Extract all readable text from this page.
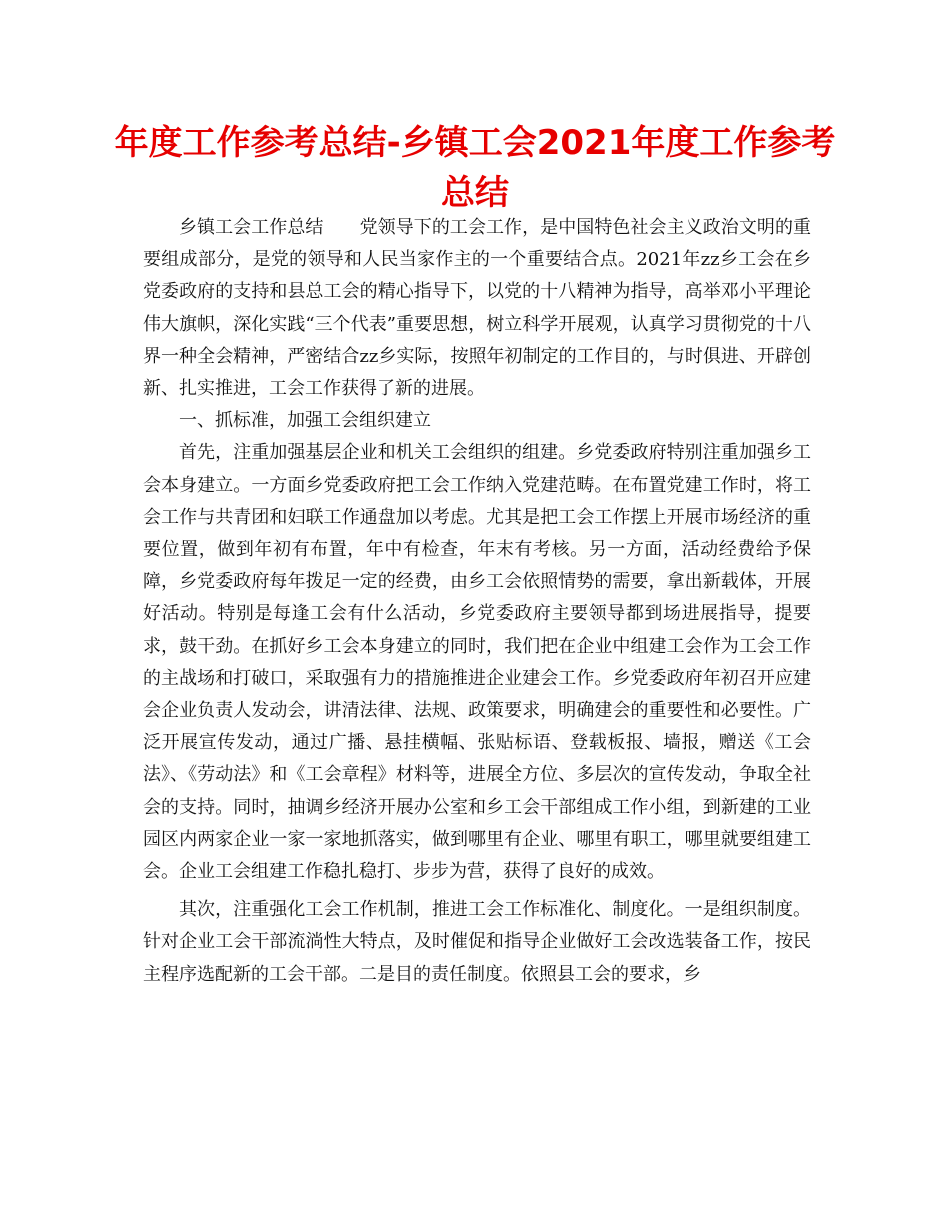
年度工作参考总结-乡镇工会2021年度工作参考总结

乡镇工会工作总结　　党领导下的工会工作，是中国特色社会主义政治文明的重要组成部分，是党的领导和人民当家作主的一个重要结合点。2021年zz乡工会在乡党委政府的支持和县总工会的精心指导下，以党的十八精神为指导，高举邓小平理论伟大旗帜，深化实践“三个代表”重要思想，树立科学开展观，认真学习贯彻党的十八界一种全会精神，严密结合zz乡实际，按照年初制定的工作目的，与时俱进、开辟创新、扎实推进，工会工作获得了新的进展。

一、抓标准，加强工会组织建立

首先，注重加强基层企业和机关工会组织的组建。乡党委政府特别注重加强乡工会本身建立。一方面乡党委政府把工会工作纳入党建范畴。在布置党建工作时，将工会工作与共青团和妇联工作通盘加以考虑。尤其是把工会工作摆上开展市场经济的重要位置，做到年初有布置，年中有检查，年末有考核。另一方面，活动经费给予保障，乡党委政府每年拨足一定的经费，由乡工会依照情势的需要，拿出新载体，开展好活动。特别是每逢工会有什么活动，乡党委政府主要领导都到场进展指导，提要求，鼓干劲。在抓好乡工会本身建立的同时，我们把在企业中组建工会作为工会工作的主战场和打破口，采取强有力的措施推进企业建会工作。乡党委政府年初召开应建会企业负责人发动会，讲清法律、法规、政策要求，明确建会的重要性和必要性。广泛开展宣传发动，通过广播、悬挂横幅、张贴标语、登载板报、墙报，赠送《工会法》、《劳动法》和《工会章程》材料等，进展全方位、多层次的宣传发动，争取全社会的支持。同时，抽调乡经济开展办公室和乡工会干部组成工作小组，到新建的工业园区内两家企业一家一家地抓落实，做到哪里有企业、哪里有职工，哪里就要组建工会。企业工会组建工作稳扎稳打、步步为营，获得了良好的成效。

其次，注重强化工会工作机制，推进工会工作标准化、制度化。一是组织制度。针对企业工会干部流淌性大特点，及时催促和指导企业做好工会改选装备工作，按民主程序选配新的工会干部。二是目的责任制度。依照县工会的要求，乡
